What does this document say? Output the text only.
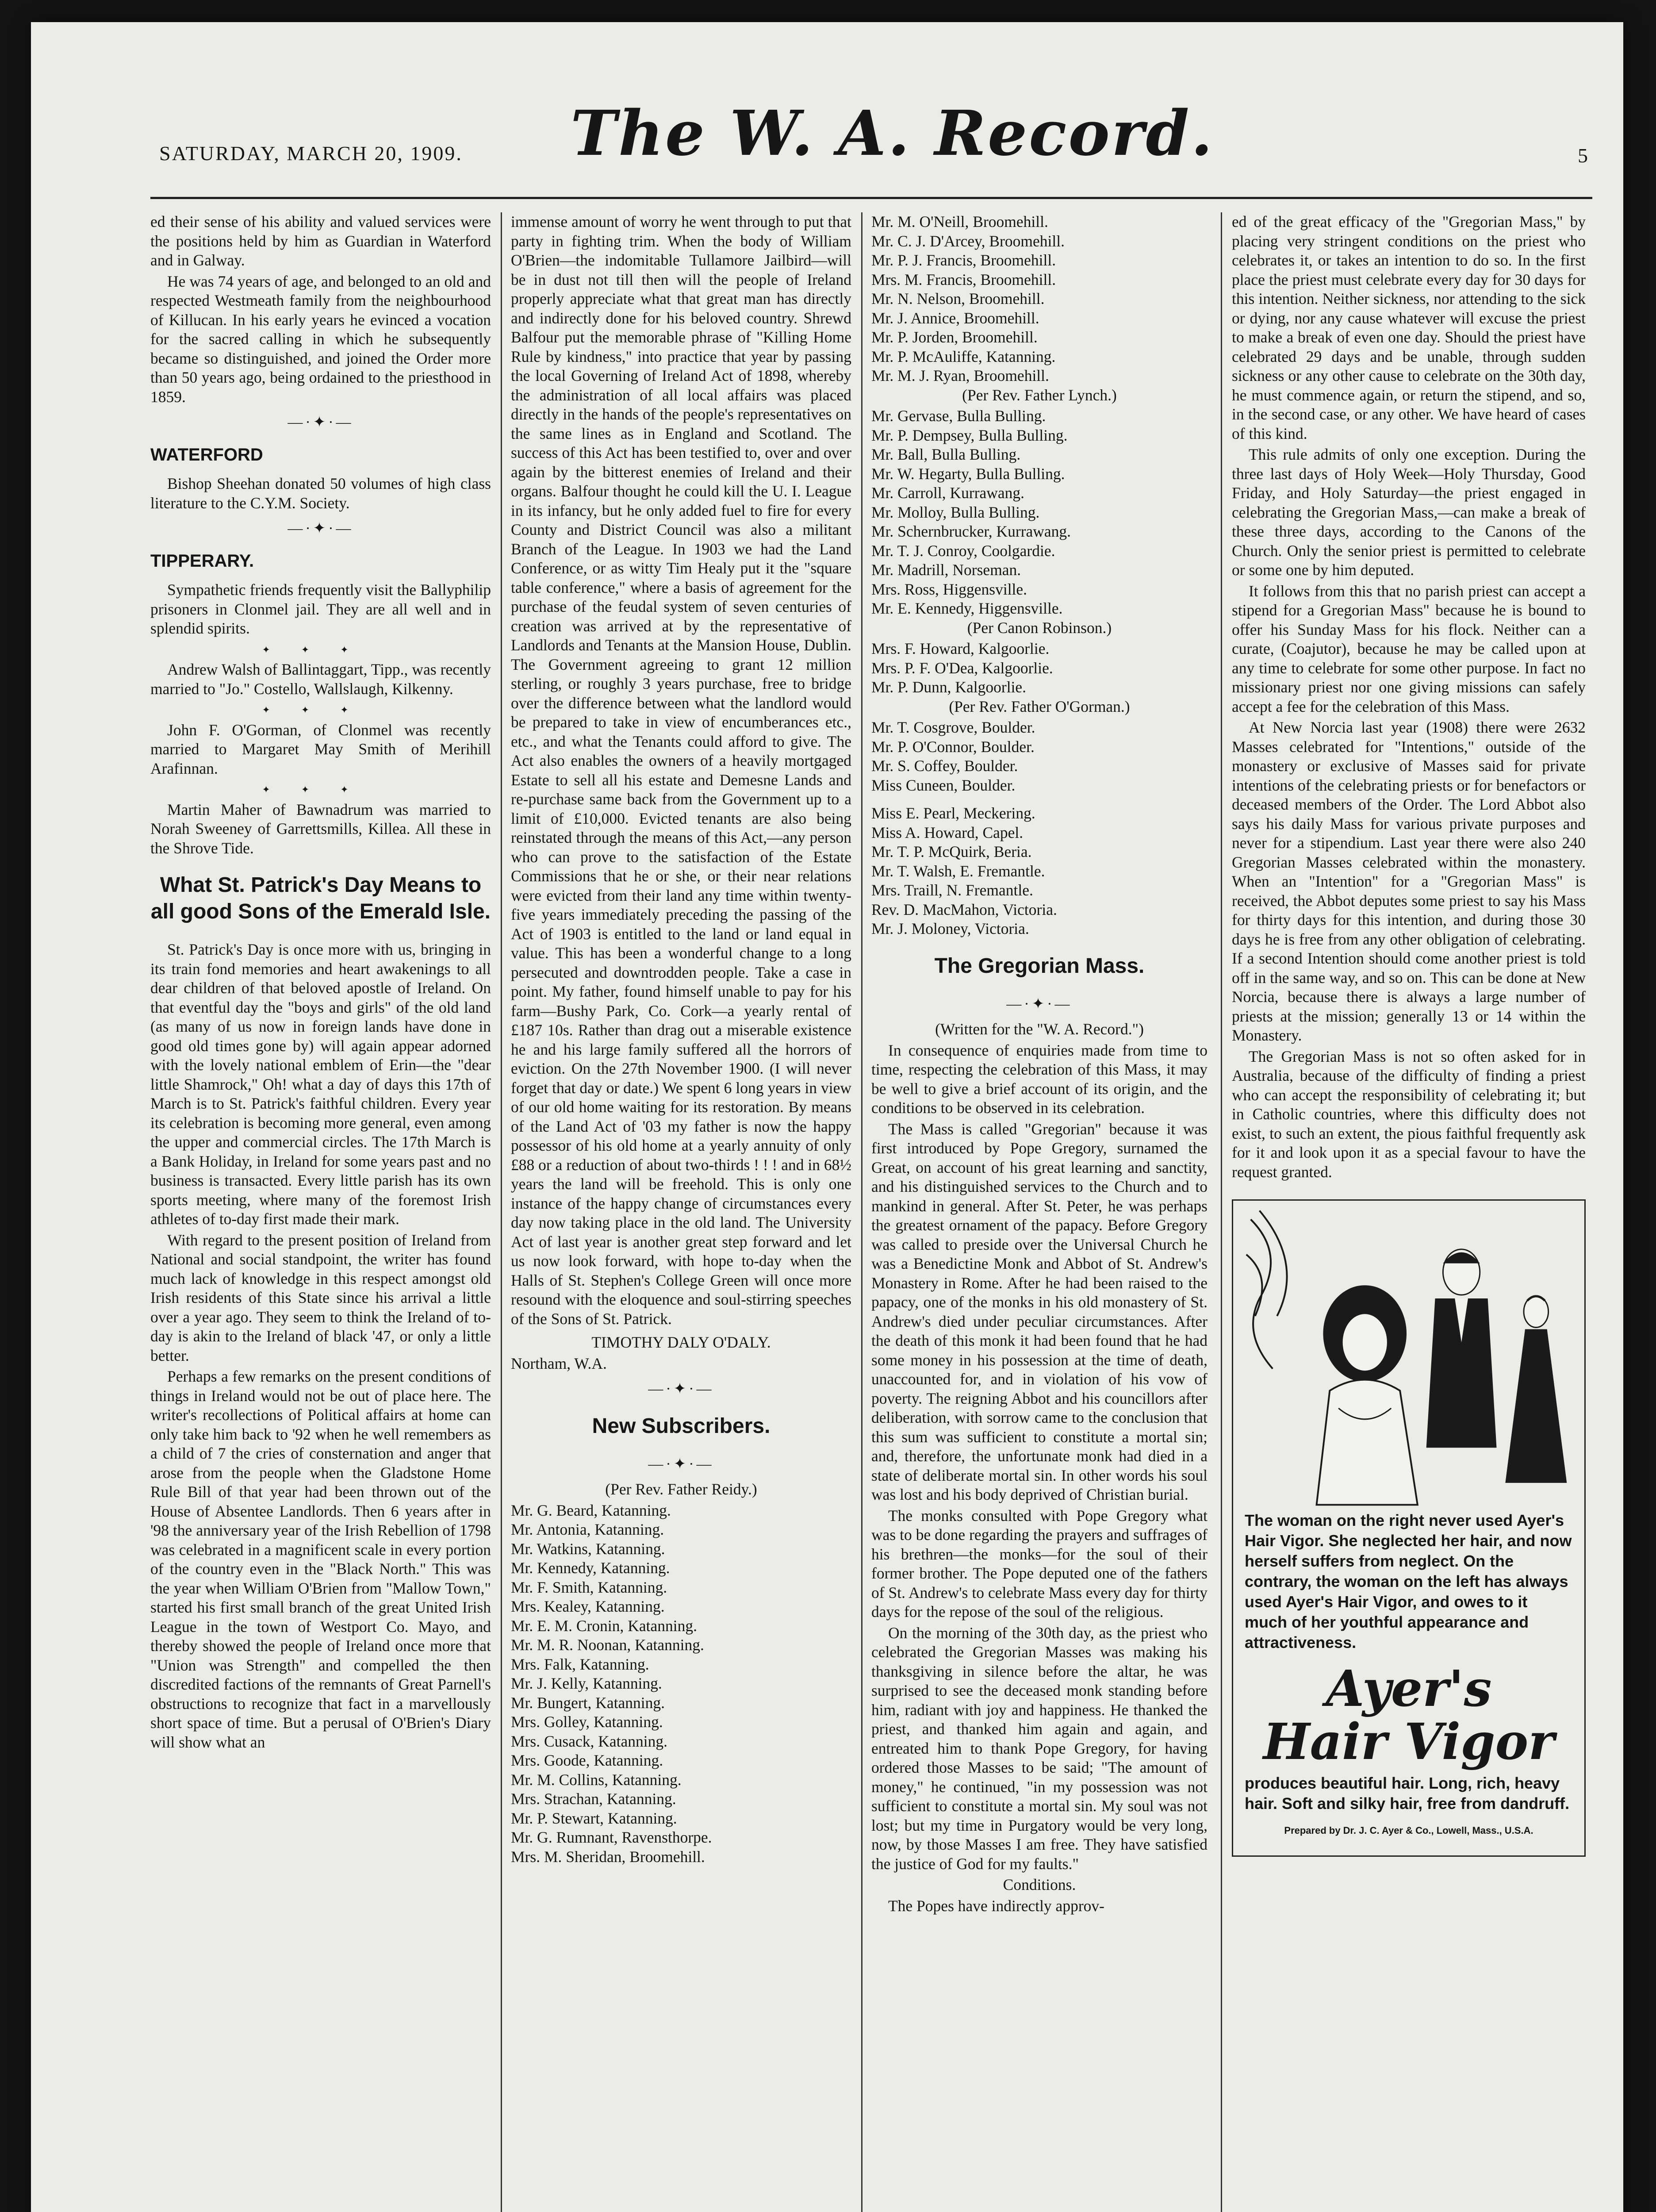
SATURDAY, MARCH 20, 1909. The W. A. Record.	5

ed their sense of his ability and valued services were the positions held by him as Guardian in Waterford and in Galway.

He was 74 years of age, and belonged to an old and respected Westmeath family from the neighbourhood of Killucan. In his early years he evinced a vocation for the sacred calling in which he subsequently became so distinguished, and joined the Order more than 50 years ago, being ordained to the priesthood in 1859.

—·✦·—
WATERFORD

Bishop Sheehan donated 50 volumes of high class literature to the C.Y.M. Society.

—·✦·—
TIPPERARY.

Sympathetic friends frequently visit the Ballyphilip prisoners in Clonmel jail. They are all well and in splendid spirits.

✦✦✦

Andrew Walsh of Ballintaggart, Tipp., was recently married to "Jo." Costello, Wallslaugh, Kilkenny.

✦✦✦

John F. O'Gorman, of Clonmel was recently married to Margaret May Smith of Merihill Arafinnan.

✦✦✦

Martin Maher of Bawnadrum was married to Norah Sweeney of Garrettsmills, Killea. All these in the Shrove Tide.

What St. Patrick's Day Means to all good Sons of the Emerald Isle.

St. Patrick's Day is once more with us, bringing in its train fond memories and heart awakenings to all dear children of that beloved apostle of Ireland. On that eventful day the "boys and girls" of the old land (as many of us now in foreign lands have done in good old times gone by) will again appear adorned with the lovely national emblem of Erin—the "dear little Shamrock," Oh! what a day of days this 17th of March is to St. Patrick's faithful children. Every year its celebration is becoming more general, even among the upper and commercial circles. The 17th March is a Bank Holiday, in Ireland for some years past and no business is transacted. Every little parish has its own sports meeting, where many of the foremost Irish athletes of to-day first made their mark.

With regard to the present position of Ireland from National and social standpoint, the writer has found much lack of knowledge in this respect amongst old Irish residents of this State since his arrival a little over a year ago. They seem to think the Ireland of to-day is akin to the Ireland of black '47, or only a little better.

Perhaps a few remarks on the present conditions of things in Ireland would not be out of place here. The writer's recollections of Political affairs at home can only take him back to '92 when he well remembers as a child of 7 the cries of consternation and anger that arose from the people when the Gladstone Home Rule Bill of that year had been thrown out of the House of Absentee Landlords. Then 6 years after in '98 the anniversary year of the Irish Rebellion of 1798 was celebrated in a magnificent scale in every portion of the country even in the "Black North." This was the year when William O'Brien from "Mallow Town," started his first small branch of the great United Irish League in the town of Westport Co. Mayo, and thereby showed the people of Ireland once more that "Union was Strength" and compelled the then discredited factions of the remnants of Great Parnell's obstructions to recognize that fact in a marvellously short space of time. But a perusal of O'Brien's Diary will show what an

immense amount of worry he went through to put that party in fighting trim. When the body of William O'Brien—the indomitable Tullamore Jailbird—will be in dust not till then will the people of Ireland properly appreciate what that great man has directly and indirectly done for his beloved country. Shrewd Balfour put the memorable phrase of "Killing Home Rule by kindness," into practice that year by passing the local Governing of Ireland Act of 1898, whereby the administration of all local affairs was placed directly in the hands of the people's representatives on the same lines as in England and Scotland. The success of this Act has been testified to, over and over again by the bitterest enemies of Ireland and their organs. Balfour thought he could kill the U. I. League in its infancy, but he only added fuel to fire for every County and District Council was also a militant Branch of the League. In 1903 we had the Land Conference, or as witty Tim Healy put it the "square table conference," where a basis of agreement for the purchase of the feudal system of seven centuries of creation was arrived at by the representative of Landlords and Tenants at the Mansion House, Dublin. The Government agreeing to grant 12 million sterling, or roughly 3 years purchase, free to bridge over the difference between what the landlord would be prepared to take in view of encumberances etc., etc., and what the Tenants could afford to give. The Act also enables the owners of a heavily mortgaged Estate to sell all his estate and Demesne Lands and re-purchase same back from the Government up to a limit of £10,000. Evicted tenants are also being reinstated through the means of this Act,—any person who can prove to the satisfaction of the Estate Commissions that he or she, or their near relations were evicted from their land any time within twenty-five years immediately preceding the passing of the Act of 1903 is entitled to the land or land equal in value. This has been a wonderful change to a long persecuted and downtrodden people. Take a case in point. My father, found himself unable to pay for his farm—Bushy Park, Co. Cork—a yearly rental of £187 10s. Rather than drag out a miserable existence he and his large family suffered all the horrors of eviction. On the 27th November 1900. (I will never forget that day or date.) We spent 6 long years in view of our old home waiting for its restoration. By means of the Land Act of '03 my father is now the happy possessor of his old home at a yearly annuity of only £88 or a reduction of about two-thirds ! ! ! and in 68½ years the land will be freehold. This is only one instance of the happy change of circumstances every day now taking place in the old land. The University Act of last year is another great step forward and let us now look forward, with hope to-day when the Halls of St. Stephen's College Green will once more resound with the eloquence and soul-stirring speeches of the Sons of St. Patrick.

TIMOTHY DALY O'DALY.

Northam, W.A.

—·✦·—
New Subscribers.
—·✦·—

(Per Rev. Father Reidy.)

Mr. G. Beard, Katanning.
Mr. Antonia, Katanning.
Mr. Watkins, Katanning.
Mr. Kennedy, Katanning.
Mr. F. Smith, Katanning.
Mrs. Kealey, Katanning.
Mr. E. M. Cronin, Katanning.
Mr. M. R. Noonan, Katanning.
Mrs. Falk, Katanning.
Mr. J. Kelly, Katanning.
Mr. Bungert, Katanning.
Mrs. Golley, Katanning.
Mrs. Cusack, Katanning.
Mrs. Goode, Katanning.
Mr. M. Collins, Katanning.
Mrs. Strachan, Katanning.
Mr. P. Stewart, Katanning.
Mr. G. Rumnant, Ravensthorpe.
Mrs. M. Sheridan, Broomehill.
Mr. M. O'Neill, Broomehill.
Mr. C. J. D'Arcey, Broomehill.
Mr. P. J. Francis, Broomehill.
Mrs. M. Francis, Broomehill.
Mr. N. Nelson, Broomehill.
Mr. J. Annice, Broomehill.
Mr. P. Jorden, Broomehill.
Mr. P. McAuliffe, Katanning.
Mr. M. J. Ryan, Broomehill.

(Per Rev. Father Lynch.)

Mr. Gervase, Bulla Bulling.
Mr. P. Dempsey, Bulla Bulling.
Mr. Ball, Bulla Bulling.
Mr. W. Hegarty, Bulla Bulling.
Mr. Carroll, Kurrawang.
Mr. Molloy, Bulla Bulling.
Mr. Schernbrucker, Kurrawang.
Mr. T. J. Conroy, Coolgardie.
Mr. Madrill, Norseman.
Mrs. Ross, Higgensville.
Mr. E. Kennedy, Higgensville.

(Per Canon Robinson.)

Mrs. F. Howard, Kalgoorlie.
Mrs. P. F. O'Dea, Kalgoorlie.
Mr. P. Dunn, Kalgoorlie.

(Per Rev. Father O'Gorman.)

Mr. T. Cosgrove, Boulder.
Mr. P. O'Connor, Boulder.
Mr. S. Coffey, Boulder.
Miss Cuneen, Boulder.
Miss E. Pearl, Meckering.
Miss A. Howard, Capel.
Mr. T. P. McQuirk, Beria.
Mr. T. Walsh, E. Fremantle.
Mrs. Traill, N. Fremantle.
Rev. D. MacMahon, Victoria.
Mr. J. Moloney, Victoria.
The Gregorian Mass.
—·✦·—

(Written for the "W. A. Record.")

In consequence of enquiries made from time to time, respecting the celebration of this Mass, it may be well to give a brief account of its origin, and the conditions to be observed in its celebration.

The Mass is called "Gregorian" because it was first introduced by Pope Gregory, surnamed the Great, on account of his great learning and sanctity, and his distinguished services to the Church and to mankind in general. After St. Peter, he was perhaps the greatest ornament of the papacy. Before Gregory was called to preside over the Universal Church he was a Benedictine Monk and Abbot of St. Andrew's Monastery in Rome. After he had been raised to the papacy, one of the monks in his old monastery of St. Andrew's died under peculiar circumstances. After the death of this monk it had been found that he had some money in his possession at the time of death, unaccounted for, and in violation of his vow of poverty. The reigning Abbot and his councillors after deliberation, with sorrow came to the conclusion that this sum was sufficient to constitute a mortal sin; and, therefore, the unfortunate monk had died in a state of deliberate mortal sin. In other words his soul was lost and his body deprived of Christian burial.

The monks consulted with Pope Gregory what was to be done regarding the prayers and suffrages of his brethren—the monks—for the soul of their former brother. The Pope deputed one of the fathers of St. Andrew's to celebrate Mass every day for thirty days for the repose of the soul of the religious.

On the morning of the 30th day, as the priest who celebrated the Gregorian Masses was making his thanksgiving in silence before the altar, he was surprised to see the deceased monk standing before him, radiant with joy and happiness. He thanked the priest, and thanked him again and again, and entreated him to thank Pope Gregory, for having ordered those Masses to be said; "The amount of money," he continued, "in my possession was not sufficient to constitute a mortal sin. My soul was not lost; but my time in Purgatory would be very long, now, by those Masses I am free. They have satisfied the justice of God for my faults."

Conditions.

The Popes have indirectly approv-

ed of the great efficacy of the "Gregorian Mass," by placing very stringent conditions on the priest who celebrates it, or takes an intention to do so. In the first place the priest must celebrate every day for 30 days for this intention. Neither sickness, nor attending to the sick or dying, nor any cause whatever will excuse the priest to make a break of even one day. Should the priest have celebrated 29 days and be unable, through sudden sickness or any other cause to celebrate on the 30th day, he must commence again, or return the stipend, and so, in the second case, or any other. We have heard of cases of this kind.

This rule admits of only one exception. During the three last days of Holy Week—Holy Thursday, Good Friday, and Holy Saturday—the priest engaged in celebrating the Gregorian Mass,—can make a break of these three days, according to the Canons of the Church. Only the senior priest is permitted to celebrate or some one by him deputed.

It follows from this that no parish priest can accept a stipend for a Gregorian Mass" because he is bound to offer his Sunday Mass for his flock. Neither can a curate, (Coajutor), because he may be called upon at any time to celebrate for some other purpose. In fact no missionary priest nor one giving missions can safely accept a fee for the celebration of this Mass.

At New Norcia last year (1908) there were 2632 Masses celebrated for "Intentions," outside of the monastery or exclusive of Masses said for private intentions of the celebrating priests or for benefactors or deceased members of the Order. The Lord Abbot also says his daily Mass for various private purposes and never for a stipendium. Last year there were also 240 Gregorian Masses celebrated within the monastery. When an "Intention" for a "Gregorian Mass" is received, the Abbot deputes some priest to say his Mass for thirty days for this intention, and during those 30 days he is free from any other obligation of celebrating. If a second Intention should come another priest is told off in the same way, and so on. This can be done at New Norcia, because there is always a large number of priests at the mission; generally 13 or 14 within the Monastery.

The Gregorian Mass is not so often asked for in Australia, because of the difficulty of finding a priest who can accept the responsibility of celebrating it; but in Catholic countries, where this difficulty does not exist, to such an extent, the pious faithful frequently ask for it and look upon it as a special favour to have the request granted.

The woman on the right never used Ayer's Hair Vigor. She neglected her hair, and now herself suffers from neglect. On the contrary, the woman on the left has always used Ayer's Hair Vigor, and owes to it much of her youthful appearance and attractiveness.
Ayer's
Hair Vigor
produces beautiful hair. Long, rich, heavy hair. Soft and silky hair, free from dandruff.
Prepared by Dr. J. C. Ayer & Co., Lowell, Mass., U.S.A.
